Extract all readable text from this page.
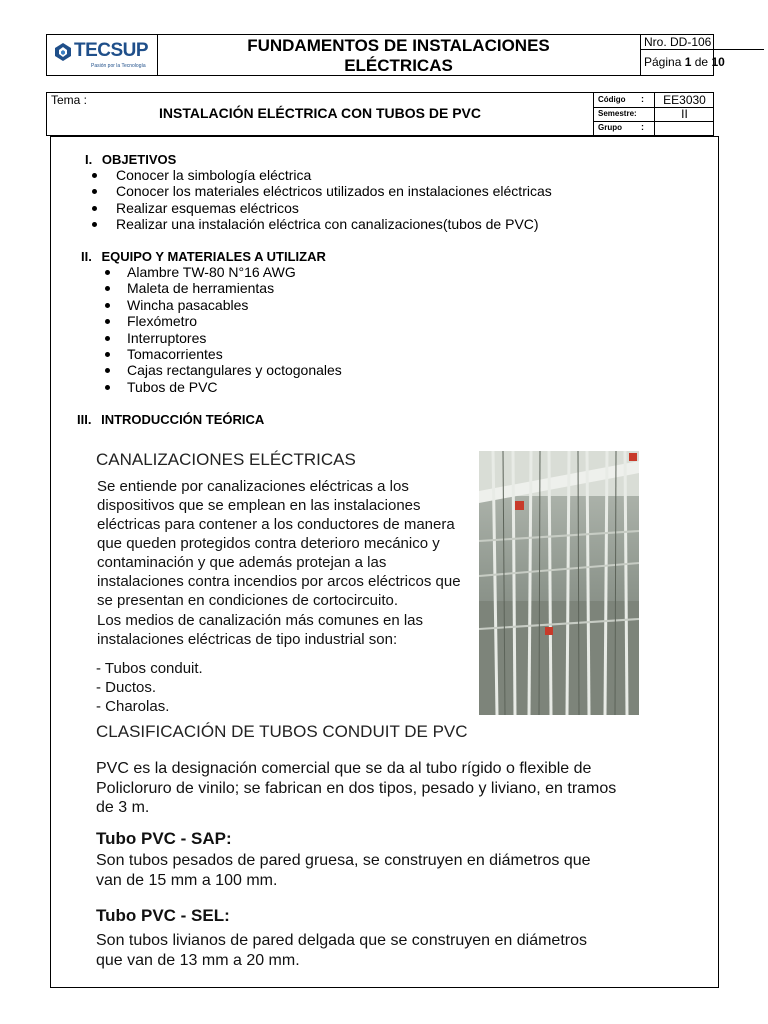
TECSUP
Pasión por la Tecnología
FUNDAMENTOS DE INSTALACIONES
ELÉCTRICAS
Nro. DD-106
Página 1 de 10
Tema :
INSTALACIÓN ELÉCTRICA CON TUBOS DE PVC
Código :	EE3030
Semestre:	II
Grupo :
I. OBJETIVOS
Conocer la simbología eléctrica
Conocer los materiales eléctricos utilizados en instalaciones eléctricas
Realizar esquemas eléctricos
Realizar una instalación eléctrica con canalizaciones(tubos de PVC)
II. EQUIPO Y MATERIALES A UTILIZAR
Alambre TW-80 N°16 AWG
Maleta de herramientas
Wincha pasacables
Flexómetro
Interruptores
Tomacorrientes
Cajas rectangulares y octogonales
Tubos de PVC
III. INTRODUCCIÓN TEÓRICA
CANALIZACIONES ELÉCTRICAS
Se entiende por canalizaciones eléctricas a los
dispositivos que se emplean en las instalaciones
eléctricas para contener a los conductores de manera
que queden protegidos contra deterioro mecánico y
contaminación y que además protejan a las
instalaciones contra incendios por arcos eléctricos que
se presentan en condiciones de cortocircuito.
Los medios de canalización más comunes en las
instalaciones eléctricas de tipo industrial son:
- Tubos conduit.
- Ductos.
- Charolas.
CLASIFICACIÓN DE TUBOS CONDUIT DE PVC
PVC es la designación comercial que se da al tubo rígido o flexible de
Policloruro de vinilo; se fabrican en dos tipos, pesado y liviano, en tramos
de 3 m.
Tubo PVC - SAP:
Son tubos pesados de pared gruesa, se construyen en diámetros que
van de 15 mm a 100 mm.
Tubo PVC - SEL:
Son tubos livianos de pared delgada que se construyen en diámetros
que van de 13 mm a 20 mm.
